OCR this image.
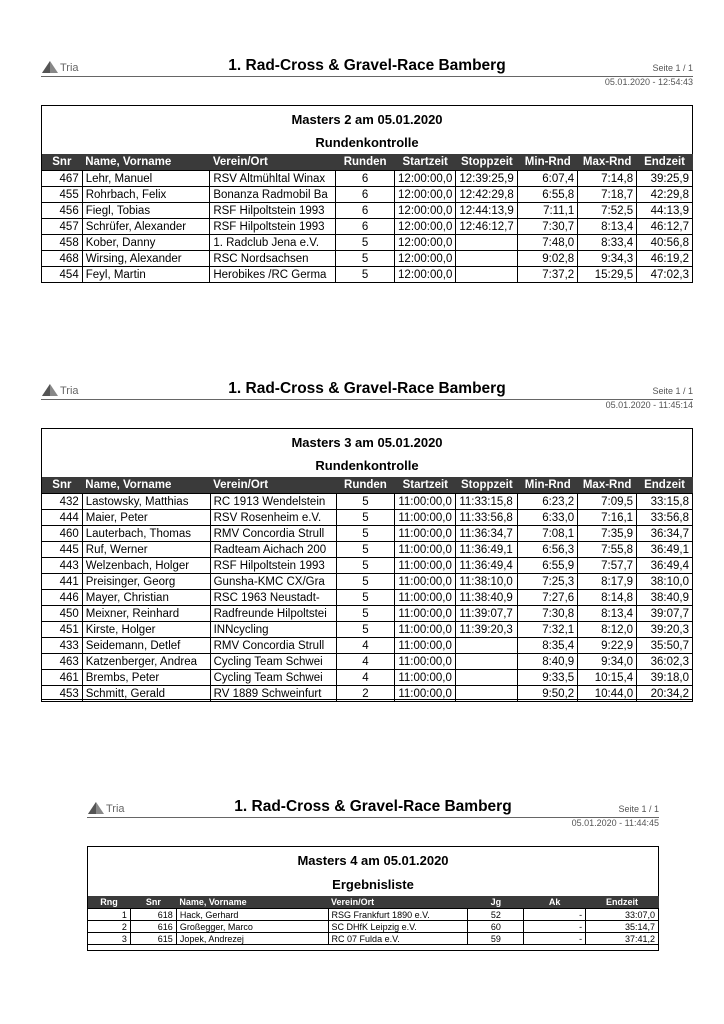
Tria	1. Rad-Cross & Gravel-Race Bamberg	Seite 1 / 1
05.01.2020 - 12:54:43
Masters 2 am 05.01.2020
Rundenkontrolle
Snr	Name, Vorname	Verein/Ort	Runden	Startzeit	Stoppzeit	Min-Rnd	Max-Rnd	Endzeit
467	Lehr, Manuel	RSV Altmühltal Winax	6	12:00:00,0	12:39:25,9	6:07,4	7:14,8	39:25,9
455	Rohrbach, Felix	Bonanza Radmobil Ba	6	12:00:00,0	12:42:29,8	6:55,8	7:18,7	42:29,8
456	Fiegl, Tobias	RSF Hilpoltstein 1993	6	12:00:00,0	12:44:13,9	7:11,1	7:52,5	44:13,9
457	Schrüfer, Alexander	RSF Hilpoltstein 1993	6	12:00:00,0	12:46:12,7	7:30,7	8:13,4	46:12,7
458	Kober, Danny	1. Radclub Jena e.V.	5	12:00:00,0		7:48,0	8:33,4	40:56,8
468	Wirsing, Alexander	RSC Nordsachsen	5	12:00:00,0		9:02,8	9:34,3	46:19,2
454	Feyl, Martin	Herobikes /RC Germa	5	12:00:00,0		7:37,2	15:29,5	47:02,3
Tria	1. Rad-Cross & Gravel-Race Bamberg	Seite 1 / 1
05.01.2020 - 11:45:14
Masters 3 am 05.01.2020
Rundenkontrolle
Snr	Name, Vorname	Verein/Ort	Runden	Startzeit	Stoppzeit	Min-Rnd	Max-Rnd	Endzeit
432	Lastowsky, Matthias	RC 1913 Wendelstein	5	11:00:00,0	11:33:15,8	6:23,2	7:09,5	33:15,8
444	Maier, Peter	RSV Rosenheim e.V.	5	11:00:00,0	11:33:56,8	6:33,0	7:16,1	33:56,8
460	Lauterbach, Thomas	RMV Concordia Strull	5	11:00:00,0	11:36:34,7	7:08,1	7:35,9	36:34,7
445	Ruf, Werner	Radteam Aichach 200	5	11:00:00,0	11:36:49,1	6:56,3	7:55,8	36:49,1
443	Welzenbach, Holger	RSF Hilpoltstein 1993	5	11:00:00,0	11:36:49,4	6:55,9	7:57,7	36:49,4
441	Preisinger, Georg	Gunsha-KMC CX/Gra	5	11:00:00,0	11:38:10,0	7:25,3	8:17,9	38:10,0
446	Mayer, Christian	RSC 1963 Neustadt-	5	11:00:00,0	11:38:40,9	7:27,6	8:14,8	38:40,9
450	Meixner, Reinhard	Radfreunde Hilpoltstei	5	11:00:00,0	11:39:07,7	7:30,8	8:13,4	39:07,7
451	Kirste, Holger	INNcycling	5	11:00:00,0	11:39:20,3	7:32,1	8:12,0	39:20,3
433	Seidemann, Detlef	RMV Concordia Strull	4	11:00:00,0		8:35,4	9:22,9	35:50,7
463	Katzenberger, Andrea	Cycling Team Schwei	4	11:00:00,0		8:40,9	9:34,0	36:02,3
461	Brembs, Peter	Cycling Team Schwei	4	11:00:00,0		9:33,5	10:15,4	39:18,0
453	Schmitt, Gerald	RV 1889 Schweinfurt	2	11:00:00,0		9:50,2	10:44,0	20:34,2
Tria	1. Rad-Cross & Gravel-Race Bamberg	Seite 1 / 1
05.01.2020 - 11:44:45
Masters 4 am 05.01.2020
Ergebnisliste
Rng	Snr	Name, Vorname	Verein/Ort	Jg	Ak	Endzeit
1	618	Hack, Gerhard	RSG Frankfurt 1890 e.V.	52	-	33:07,0
2	616	Großegger, Marco	SC DHfK Leipzig e.V.	60	-	35:14,7
3	615	Jopek, Andrezej	RC 07 Fulda e.V.	59	-	37:41,2
